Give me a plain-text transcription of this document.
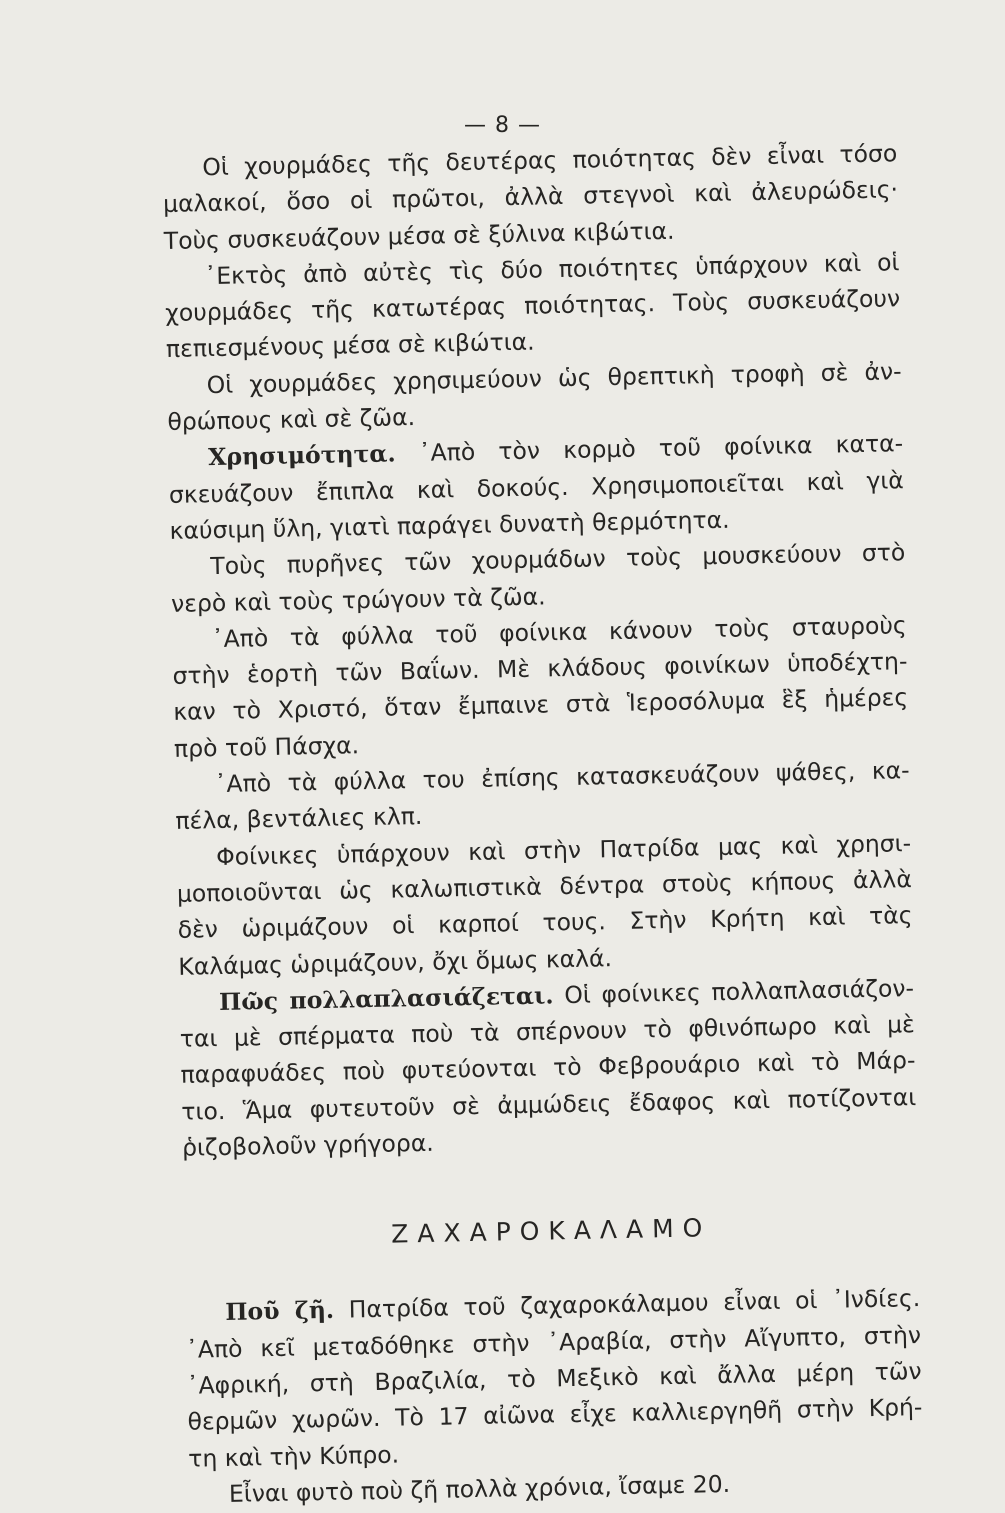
— 8 —
Οἱ χουρμάδες τῆς δευτέρας ποιότητας δὲν εἶναι τόσο
μαλακοί, ὅσο οἱ πρῶτοι, ἀλλὰ στεγνοὶ καὶ ἀλευρώδεις·
Τοὺς συσκευάζουν μέσα σὲ ξύλινα κιβώτια.
᾿Εκτὸς ἀπὸ αὐτὲς τὶς δύο ποιότητες ὑπάρχουν καὶ οἱ
χουρμάδες τῆς κατωτέρας ποιότητας. Τοὺς συσκευάζουν
πεπιεσμένους μέσα σὲ κιβώτια.
Οἱ χουρμάδες χρησιμεύουν ὡς θρεπτικὴ τροφὴ σὲ ἀν-
θρώπους καὶ σὲ ζῶα.
Χρησιμότητα. ᾿Απὸ τὸν κορμὸ τοῦ φοίνικα κατα-
σκευάζουν ἔπιπλα καὶ δοκούς. Χρησιμοποιεῖται καὶ γιὰ
καύσιμη ὕλη, γιατὶ παράγει δυνατὴ θερμότητα.
Τοὺς πυρῆνες τῶν χουρμάδων τοὺς μουσκεύουν στὸ
νερὸ καὶ τοὺς τρώγουν τὰ ζῶα.
᾿Απὸ τὰ φύλλα τοῦ φοίνικα κάνουν τοὺς σταυροὺς
στὴν ἑορτὴ τῶν Βαΐων. Μὲ κλάδους φοινίκων ὑποδέχτη-
καν τὸ Χριστό, ὅταν ἔμπαινε στὰ Ἱεροσόλυμα ἓξ ἡμέρες
πρὸ τοῦ Πάσχα.
᾿Απὸ τὰ φύλλα του ἐπίσης κατασκευάζουν ψάθες, κα-
πέλα, βεντάλιες κλπ.
Φοίνικες ὑπάρχουν καὶ στὴν Πατρίδα μας καὶ χρησι-
μοποιοῦνται ὡς καλωπιστικὰ δέντρα στοὺς κήπους ἀλλὰ
δὲν ὡριμάζουν οἱ καρποί τους. Στὴν Κρήτη καὶ τὰς
Καλάμας ὡριμάζουν, ὄχι ὅμως καλά.
Πῶς πολλαπλασιάζεται. Οἱ φοίνικες πολλαπλασιάζον-
ται μὲ σπέρματα ποὺ τὰ σπέρνουν τὸ φθινόπωρο καὶ μὲ
παραφυάδες ποὺ φυτεύονται τὸ Φεβρουάριο καὶ τὸ Μάρ-
τιο. Ἅμα φυτευτοῦν σὲ ἀμμώδεις ἔδαφος καὶ ποτίζονται
ῥιζοβολοῦν γρήγορα.
ΖΑΧΑΡΟΚΑΛΑΜΟ
Ποῦ ζῆ. Πατρίδα τοῦ ζαχαροκάλαμου εἶναι οἱ ᾿Ινδίες.
᾿Απὸ κεῖ μεταδόθηκε στὴν ᾿Αραβία, στὴν Αἴγυπτο, στὴν
᾿Αφρική, στὴ Βραζιλία, τὸ Μεξικὸ καὶ ἄλλα μέρη τῶν
θερμῶν χωρῶν. Τὸ 17 αἰῶνα εἶχε καλλιεργηθῆ στὴν Κρή-
τη καὶ τὴν Κύπρο.
Εἶναι φυτὸ ποὺ ζῆ πολλὰ χρόνια, ἴσαμε 20.
